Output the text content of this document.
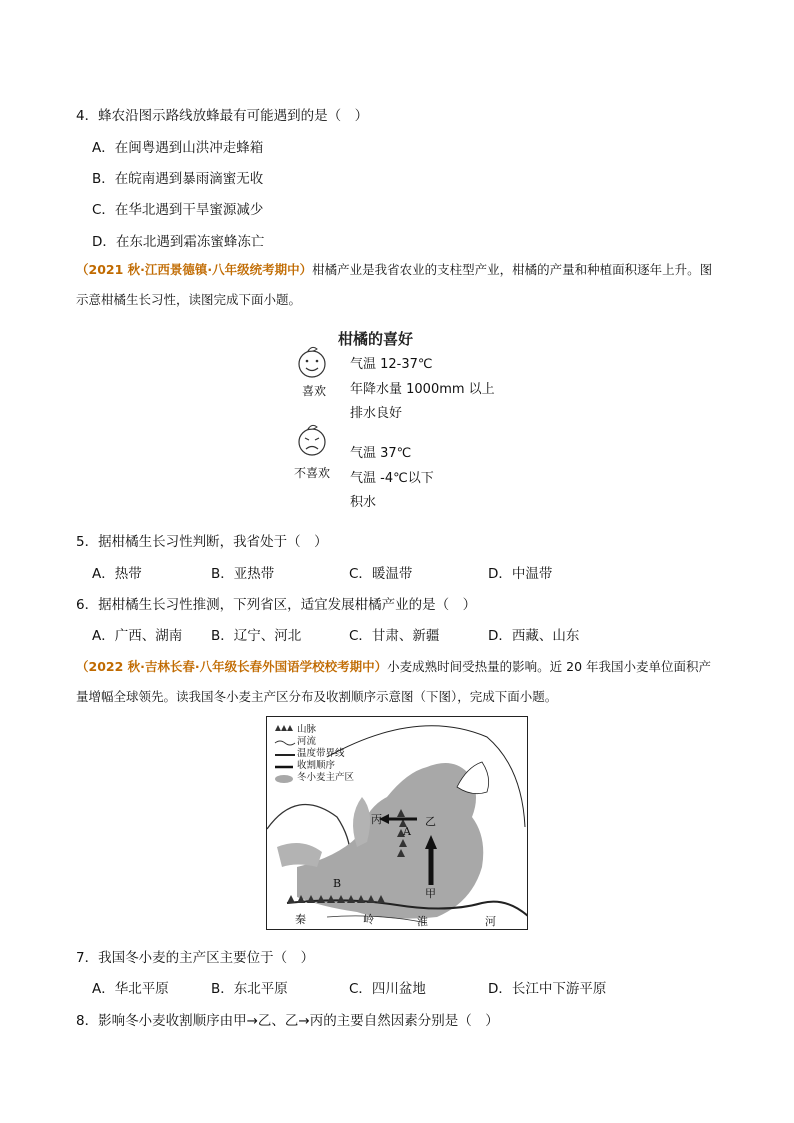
4．蜂农沿图示路线放蜂最有可能遇到的是（　）
A．在闽粤遇到山洪冲走蜂箱
B．在皖南遇到暴雨滴蜜无收
C．在华北遇到干旱蜜源减少
D．在东北遇到霜冻蜜蜂冻亡
（2021 秋·江西景德镇·八年级统考期中）柑橘产业是我省农业的支柱型产业，柑橘的产量和种植面积逐年上升。图示意柑橘生长习性，读图完成下面小题。
柑橘的喜好
喜欢
气温 12-37℃
年降水量 1000mm 以上
排水良好
不喜欢
气温 37℃
气温 -4℃以下
积水
5．据柑橘生长习性判断，我省处于（　）
A．热带	B．亚热带	C．暖温带	D．中温带
6．据柑橘生长习性推测，下列省区，适宜发展柑橘产业的是（　）
A．广西、湖南 B．辽宁、河北	C．甘肃、新疆	D．西藏、山东
（2022 秋·吉林长春·八年级长春外国语学校校考期中）小麦成熟时间受热量的影响。近 20 年我国小麦单位面积产量增幅全球领先。读我国冬小麦主产区分布及收割顺序示意图（下图），完成下面小题。
山脉
河流
温度带界线
收割顺序
冬小麦主产区
丙	乙
A
甲
B
秦	岭	淮	河
7．我国冬小麦的主产区主要位于（　）
A．华北平原	B．东北平原	C．四川盆地	D．长江中下游平原
8．影响冬小麦收割顺序由甲→乙、乙→丙的主要自然因素分别是（　）
